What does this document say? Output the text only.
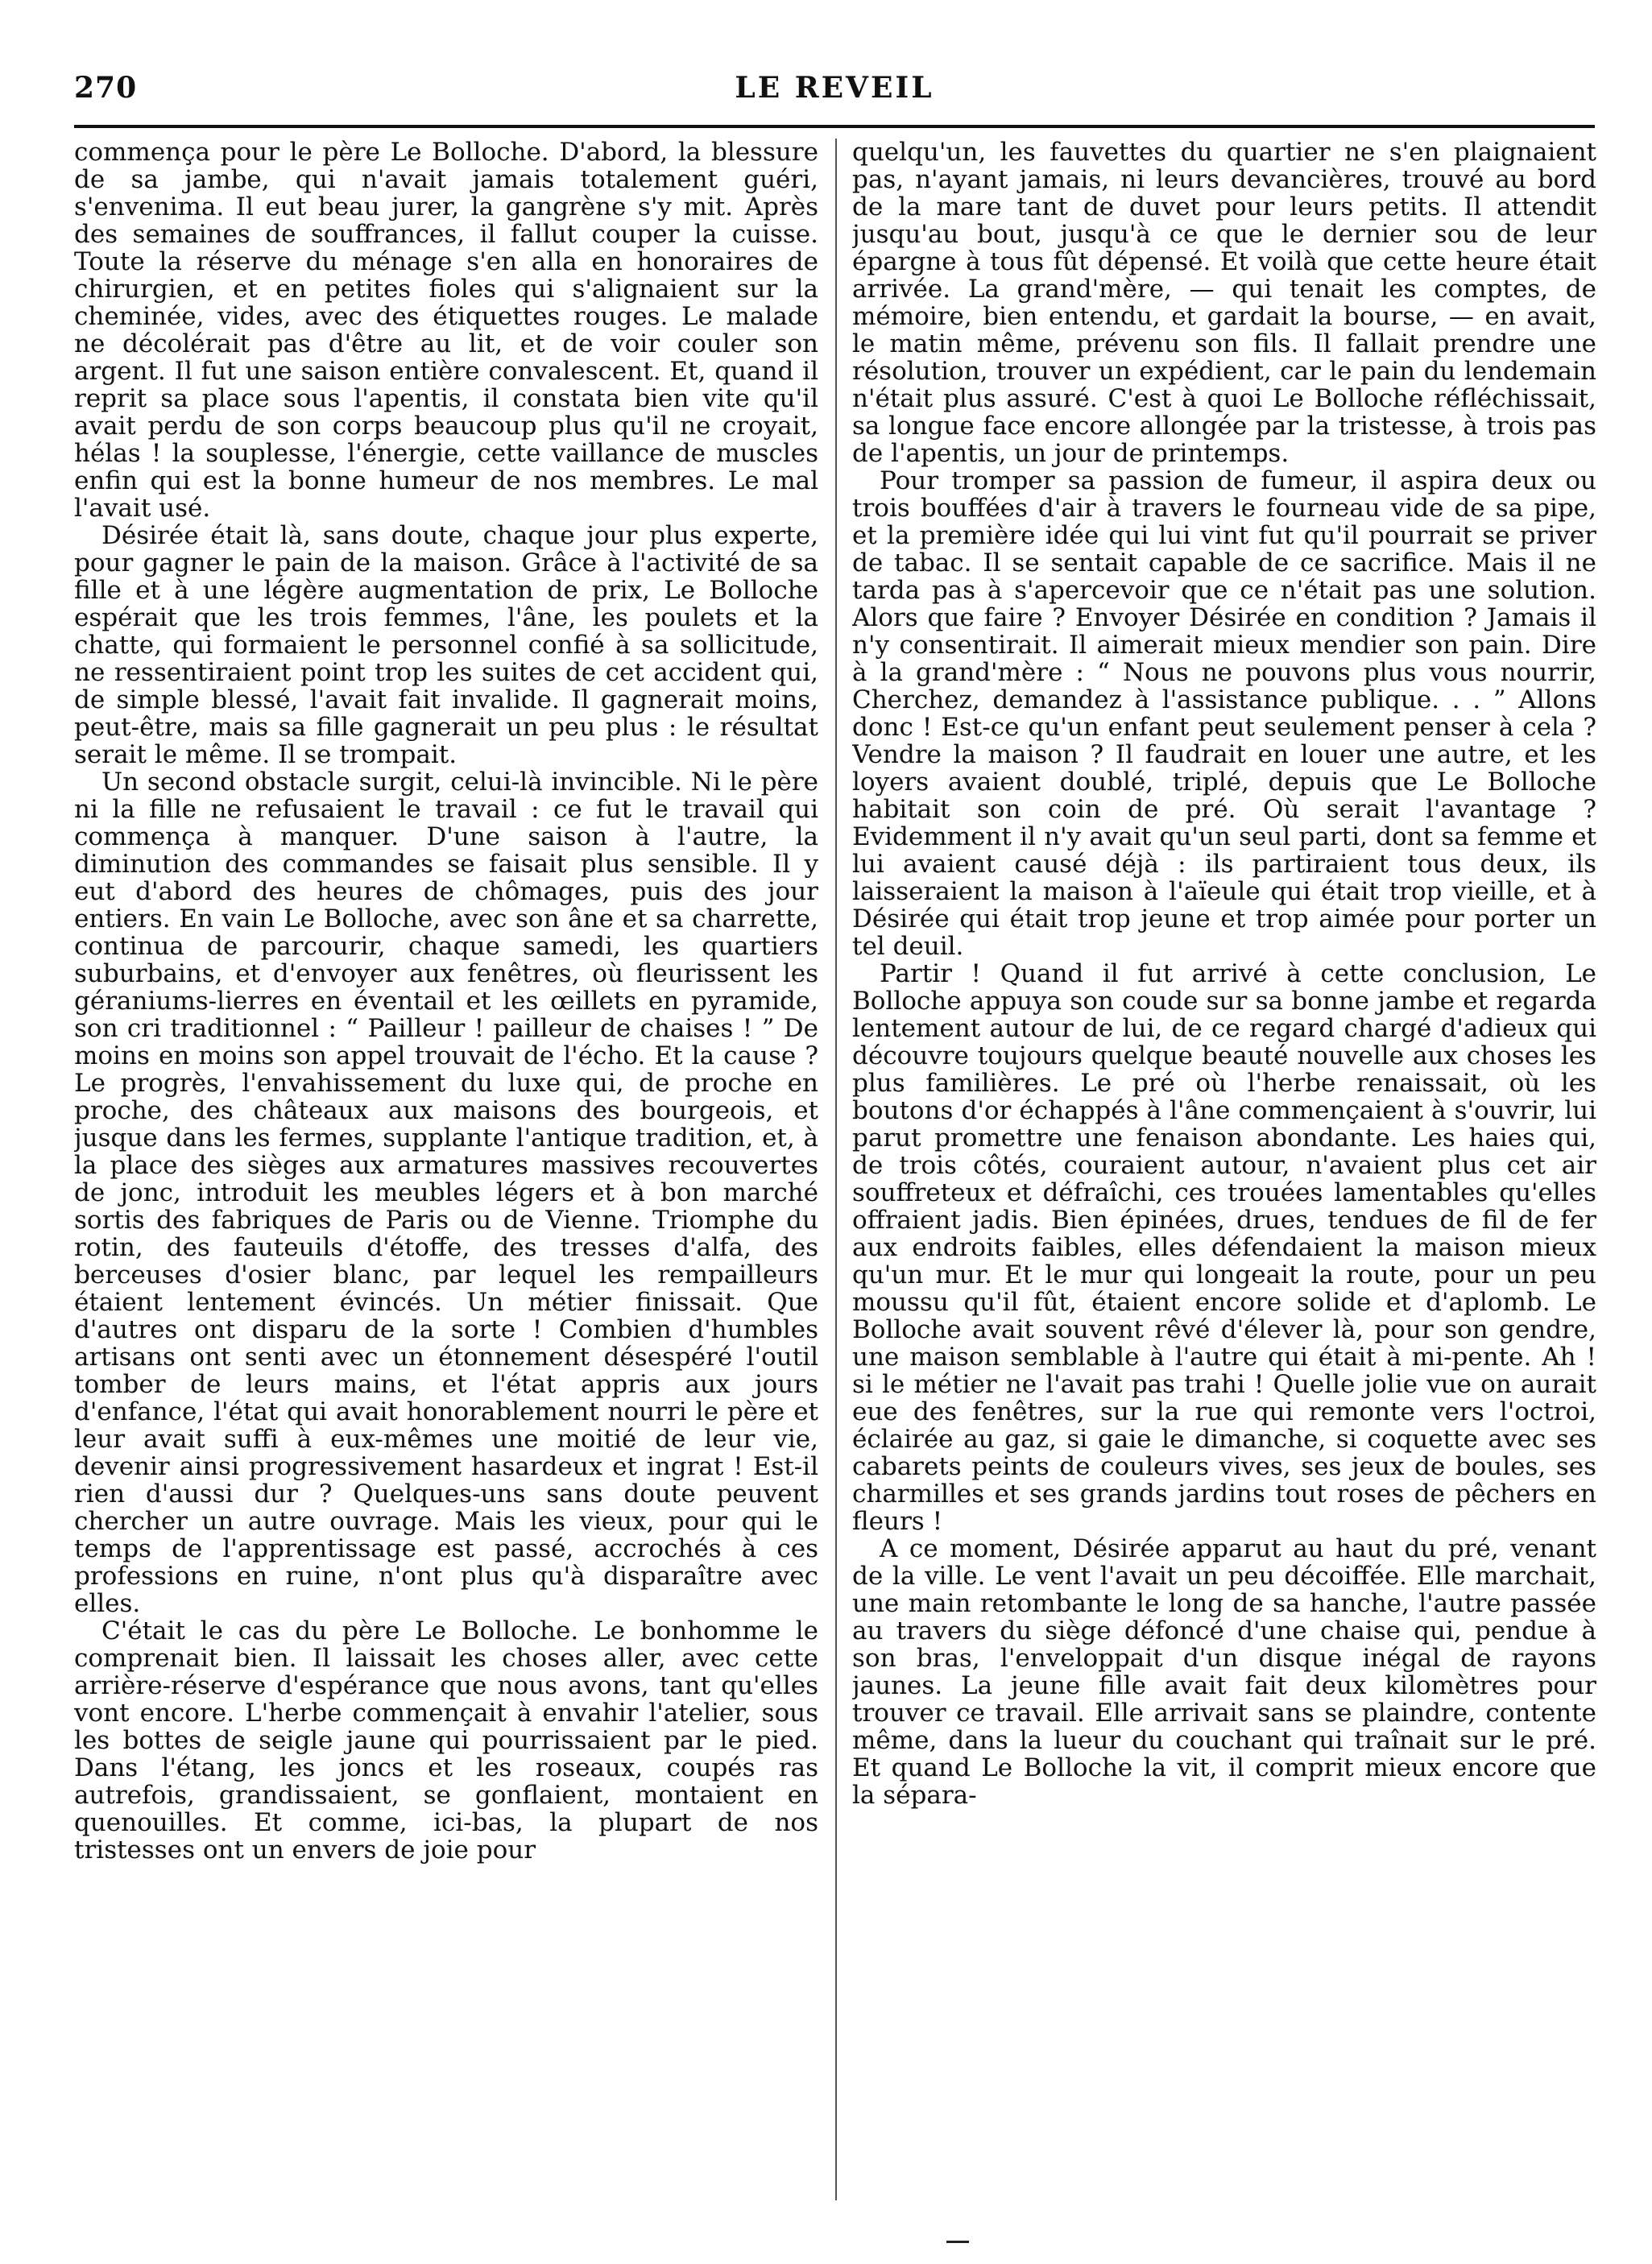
270	LE REVEIL

commença pour le père Le Bolloche. D'abord, la blessure de sa jambe, qui n'avait jamais totalement guéri, s'envenima. Il eut beau jurer, la gangrène s'y mit. Après des semaines de souffrances, il fallut couper la cuisse. Toute la réserve du ménage s'en alla en honoraires de chirurgien, et en petites fioles qui s'alignaient sur la cheminée, vides, avec des étiquettes rouges. Le malade ne décolérait pas d'être au lit, et de voir couler son argent. Il fut une saison entière convalescent. Et, quand il reprit sa place sous l'apentis, il constata bien vite qu'il avait perdu de son corps beaucoup plus qu'il ne croyait, hélas ! la souplesse, l'énergie, cette vaillance de muscles enfin qui est la bonne humeur de nos membres. Le mal l'avait usé.

Désirée était là, sans doute, chaque jour plus experte, pour gagner le pain de la maison. Grâce à l'activité de sa fille et à une légère augmentation de prix, Le Bolloche espérait que les trois femmes, l'âne, les poulets et la chatte, qui formaient le personnel confié à sa sollicitude, ne ressentiraient point trop les suites de cet accident qui, de simple blessé, l'avait fait invalide. Il gagnerait moins, peut-être, mais sa fille gagnerait un peu plus : le résultat serait le même. Il se trompait.

Un second obstacle surgit, celui-là invincible. Ni le père ni la fille ne refusaient le travail : ce fut le travail qui commença à manquer. D'une saison à l'autre, la diminution des commandes se faisait plus sensible. Il y eut d'abord des heures de chômages, puis des jour entiers. En vain Le Bolloche, avec son âne et sa charrette, continua de parcourir, chaque samedi, les quartiers suburbains, et d'envoyer aux fenêtres, où fleurissent les géraniums-lierres en éventail et les œillets en pyramide, son cri traditionnel : “ Pailleur ! pailleur de chaises ! ” De moins en moins son appel trouvait de l'écho. Et la cause ? Le progrès, l'envahissement du luxe qui, de proche en proche, des châteaux aux maisons des bourgeois, et jusque dans les fermes, supplante l'antique tradition, et, à la place des sièges aux armatures massives recouvertes de jonc, introduit les meubles légers et à bon marché sortis des fabriques de Paris ou de Vienne. Triomphe du rotin, des fauteuils d'étoffe, des tresses d'alfa, des berceuses d'osier blanc, par lequel les rempailleurs étaient lentement évincés. Un métier finissait. Que d'autres ont disparu de la sorte ! Combien d'humbles artisans ont senti avec un étonnement désespéré l'outil tomber de leurs mains, et l'état appris aux jours d'enfance, l'état qui avait honorablement nourri le père et leur avait suffi à eux-mêmes une moitié de leur vie, devenir ainsi progressivement hasardeux et ingrat ! Est-il rien d'aussi dur ? Quelques-uns sans doute peuvent chercher un autre ouvrage. Mais les vieux, pour qui le temps de l'apprentissage est passé, accrochés à ces professions en ruine, n'ont plus qu'à disparaître avec elles.

C'était le cas du père Le Bolloche. Le bonhomme le comprenait bien. Il laissait les choses aller, avec cette arrière-réserve d'espérance que nous avons, tant qu'elles vont encore. L'herbe commençait à envahir l'atelier, sous les bottes de seigle jaune qui pourrissaient par le pied. Dans l'étang, les joncs et les roseaux, coupés ras autrefois, grandissaient, se gonflaient, montaient en quenouilles. Et comme, ici-bas, la plupart de nos tristesses ont un envers de joie pour

quelqu'un, les fauvettes du quartier ne s'en plaignaient pas, n'ayant jamais, ni leurs devancières, trouvé au bord de la mare tant de duvet pour leurs petits. Il attendit jusqu'au bout, jusqu'à ce que le dernier sou de leur épargne à tous fût dépensé. Et voilà que cette heure était arrivée. La grand'mère, — qui tenait les comptes, de mémoire, bien entendu, et gardait la bourse, — en avait, le matin même, prévenu son fils. Il fallait prendre une résolution, trouver un expédient, car le pain du lendemain n'était plus assuré. C'est à quoi Le Bolloche réfléchissait, sa longue face encore allongée par la tristesse, à trois pas de l'apentis, un jour de printemps.

Pour tromper sa passion de fumeur, il aspira deux ou trois bouffées d'air à travers le fourneau vide de sa pipe, et la première idée qui lui vint fut qu'il pourrait se priver de tabac. Il se sentait capable de ce sacrifice. Mais il ne tarda pas à s'apercevoir que ce n'était pas une solution. Alors que faire ? Envoyer Désirée en condition ? Jamais il n'y consentirait. Il aimerait mieux mendier son pain. Dire à la grand'mère : “ Nous ne pouvons plus vous nourrir, Cherchez, demandez à l'assistance publique. . . ” Allons donc ! Est-ce qu'un enfant peut seulement penser à cela ? Vendre la maison ? Il faudrait en louer une autre, et les loyers avaient doublé, triplé, depuis que Le Bolloche habitait son coin de pré. Où serait l'avantage ? Evidemment il n'y avait qu'un seul parti, dont sa femme et lui avaient causé déjà : ils partiraient tous deux, ils laisseraient la maison à l'aïeule qui était trop vieille, et à Désirée qui était trop jeune et trop aimée pour porter un tel deuil.

Partir ! Quand il fut arrivé à cette conclusion, Le Bolloche appuya son coude sur sa bonne jambe et regarda lentement autour de lui, de ce regard chargé d'adieux qui découvre toujours quelque beauté nouvelle aux choses les plus familières. Le pré où l'herbe renaissait, où les boutons d'or échappés à l'âne commençaient à s'ouvrir, lui parut promettre une fenaison abondante. Les haies qui, de trois côtés, couraient autour, n'avaient plus cet air souffreteux et défraîchi, ces trouées lamentables qu'elles offraient jadis. Bien épinées, drues, tendues de fil de fer aux endroits faibles, elles défendaient la maison mieux qu'un mur. Et le mur qui longeait la route, pour un peu moussu qu'il fût, étaient encore solide et d'aplomb. Le Bolloche avait souvent rêvé d'élever là, pour son gendre, une maison semblable à l'autre qui était à mi-pente. Ah ! si le métier ne l'avait pas trahi ! Quelle jolie vue on aurait eue des fenêtres, sur la rue qui remonte vers l'octroi, éclairée au gaz, si gaie le dimanche, si coquette avec ses cabarets peints de couleurs vives, ses jeux de boules, ses charmilles et ses grands jardins tout roses de pêchers en fleurs !

A ce moment, Désirée apparut au haut du pré, venant de la ville. Le vent l'avait un peu décoiffée. Elle marchait, une main retombante le long de sa hanche, l'autre passée au travers du siège défoncé d'une chaise qui, pendue à son bras, l'enveloppait d'un disque inégal de rayons jaunes. La jeune fille avait fait deux kilomètres pour trouver ce travail. Elle arrivait sans se plaindre, contente même, dans la lueur du couchant qui traînait sur le pré. Et quand Le Bolloche la vit, il comprit mieux encore que la sépara-
